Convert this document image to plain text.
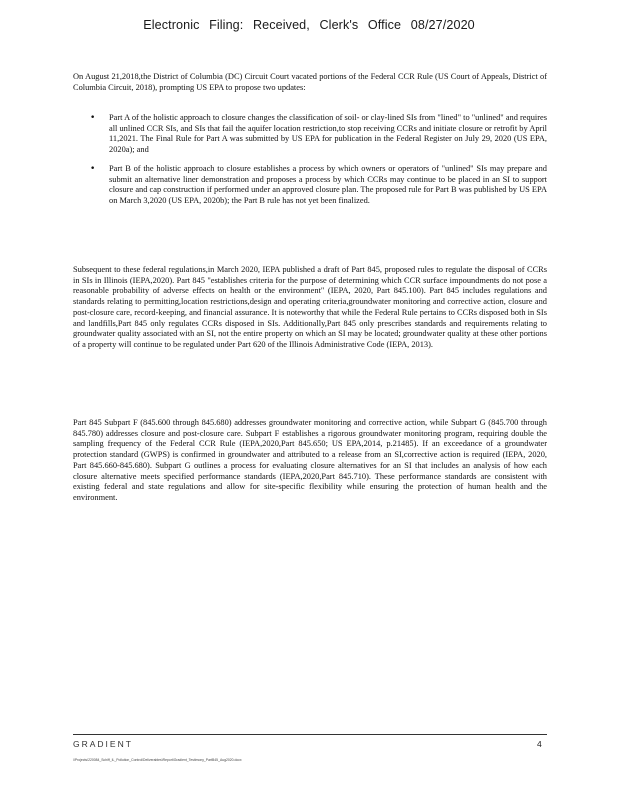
Electronic Filing: Received, Clerk's Office 08/27/2020

On August 21,2018,the District of Columbia (DC) Circuit Court vacated portions of the Federal CCR Rule (US Court of Appeals, District of Columbia Circuit, 2018), prompting US EPA to propose two updates:

• Part A of the holistic approach to closure changes the classification of soil- or clay-lined SIs from "lined" to "unlined" and requires all unlined CCR SIs, and SIs that fail the aquifer location restriction,to stop receiving CCRs and initiate closure or retrofit by April 11,2021. The Final Rule for Part A was submitted by US EPA for publication in the Federal Register on July 29, 2020 (US EPA, 2020a); and
• Part B of the holistic approach to closure establishes a process by which owners or operators of "unlined" SIs may prepare and submit an alternative liner demonstration and proposes a process by which CCRs may continue to be placed in an SI to support closure and cap construction if performed under an approved closure plan. The proposed rule for Part B was published by US EPA on March 3,2020 (US EPA, 2020b); the Part B rule has not yet been finalized.

Subsequent to these federal regulations,in March 2020, IEPA published a draft of Part 845, proposed rules to regulate the disposal of CCRs in SIs in Illinois (IEPA,2020). Part 845 "establishes criteria for the purpose of determining which CCR surface impoundments do not pose a reasonable probability of adverse effects on health or the environment" (IEPA, 2020, Part 845.100). Part 845 includes regulations and standards relating to permitting,location restrictions,design and operating criteria,groundwater monitoring and corrective action, closure and post-closure care, record-keeping, and financial assurance. It is noteworthy that while the Federal Rule pertains to CCRs disposed both in SIs and landfills,Part 845 only regulates CCRs disposed in SIs. Additionally,Part 845 only prescribes standards and requirements relating to groundwater quality associated with an SI, not the entire property on which an SI may be located; groundwater quality at these other portions of a property will continue to be regulated under Part 620 of the Illinois Administrative Code (IEPA, 2013).

Part 845 Subpart F (845.600 through 845.680) addresses groundwater monitoring and corrective action, while Subpart G (845.700 through 845.780) addresses closure and post-closure care. Subpart F establishes a rigorous groundwater monitoring program, requiring double the sampling frequency of the Federal CCR Rule (IEPA,2020,Part 845.650; US EPA,2014, p.21485). If an exceedance of a groundwater protection standard (GWPS) is confirmed in groundwater and attributed to a release from an SI,corrective action is required (IEPA, 2020, Part 845.660-845.680). Subpart G outlines a process for evaluating closure alternatives for an SI that includes an analysis of how each closure alternative meets specified performance standards (IEPA,2020,Part 845.710). These performance standards are consistent with existing federal and state regulations and allow for site-specific flexibility while ensuring the protection of human health and the environment.

GRADIENT	4
\\Projects\220084_Schiff_IL_Pollution_Control\Deliverables\Report\Gradient_Testimony_PartB45_Aug2020.docx
